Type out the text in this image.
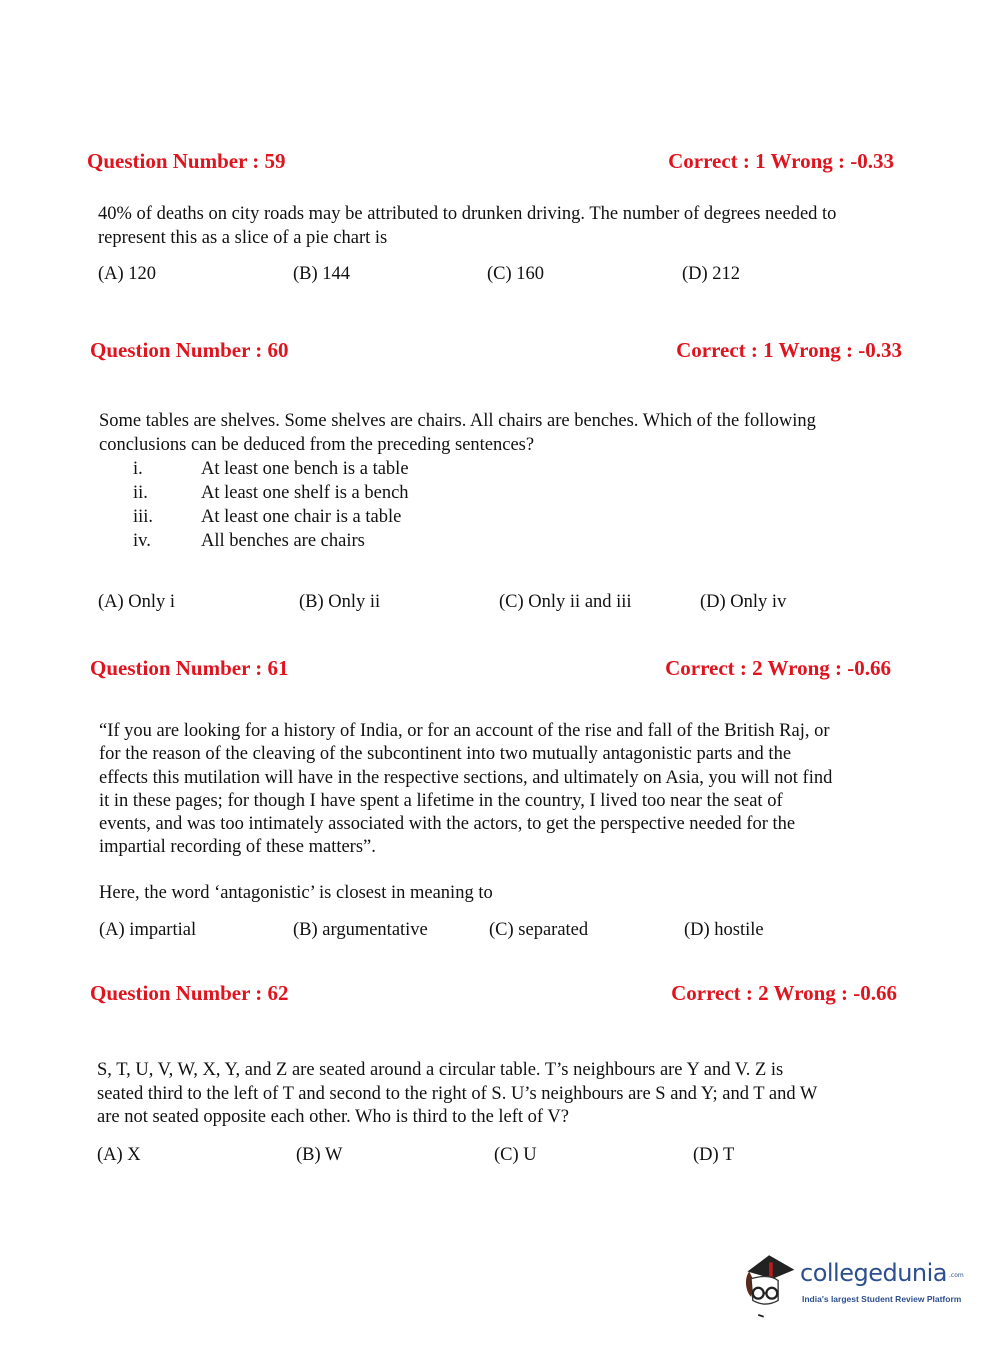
Question Number : 59	Correct : 1 Wrong : -0.33
40% of deaths on city roads may be attributed to drunken driving. The number of degrees needed to
represent this as a slice of a pie chart is
(A) 120	(B) 144	(C) 160	(D) 212
Question Number : 60	Correct : 1 Wrong : -0.33
Some tables are shelves. Some shelves are chairs. All chairs are benches. Which of the following
conclusions can be deduced from the preceding sentences?
i.	At least one bench is a table
ii.	At least one shelf is a bench
iii.	At least one chair is a table
iv.	All benches are chairs
(A) Only i	(B) Only ii	(C) Only ii and iii	(D) Only iv
Question Number : 61	Correct : 2 Wrong : -0.66
“If you are looking for a history of India, or for an account of the rise and fall of the British Raj, or
for the reason of the cleaving of the subcontinent into two mutually antagonistic parts and the
effects this mutilation will have in the respective sections, and ultimately on Asia, you will not find
it in these pages; for though I have spent a lifetime in the country, I lived too near the seat of
events, and was too intimately associated with the actors, to get the perspective needed for the
impartial recording of these matters”.
Here, the word ‘antagonistic’ is closest in meaning to
(A) impartial	(B) argumentative	(C) separated	(D) hostile
Question Number : 62	Correct : 2 Wrong : -0.66
S, T, U, V, W, X, Y, and Z are seated around a circular table. T’s neighbours are Y and V. Z is
seated third to the left of T and second to the right of S. U’s neighbours are S and Y; and T and W
are not seated opposite each other. Who is third to the left of V?
(A) X	(B) W	(C) U	(D) T
collegedunia .com
India's largest Student Review Platform
